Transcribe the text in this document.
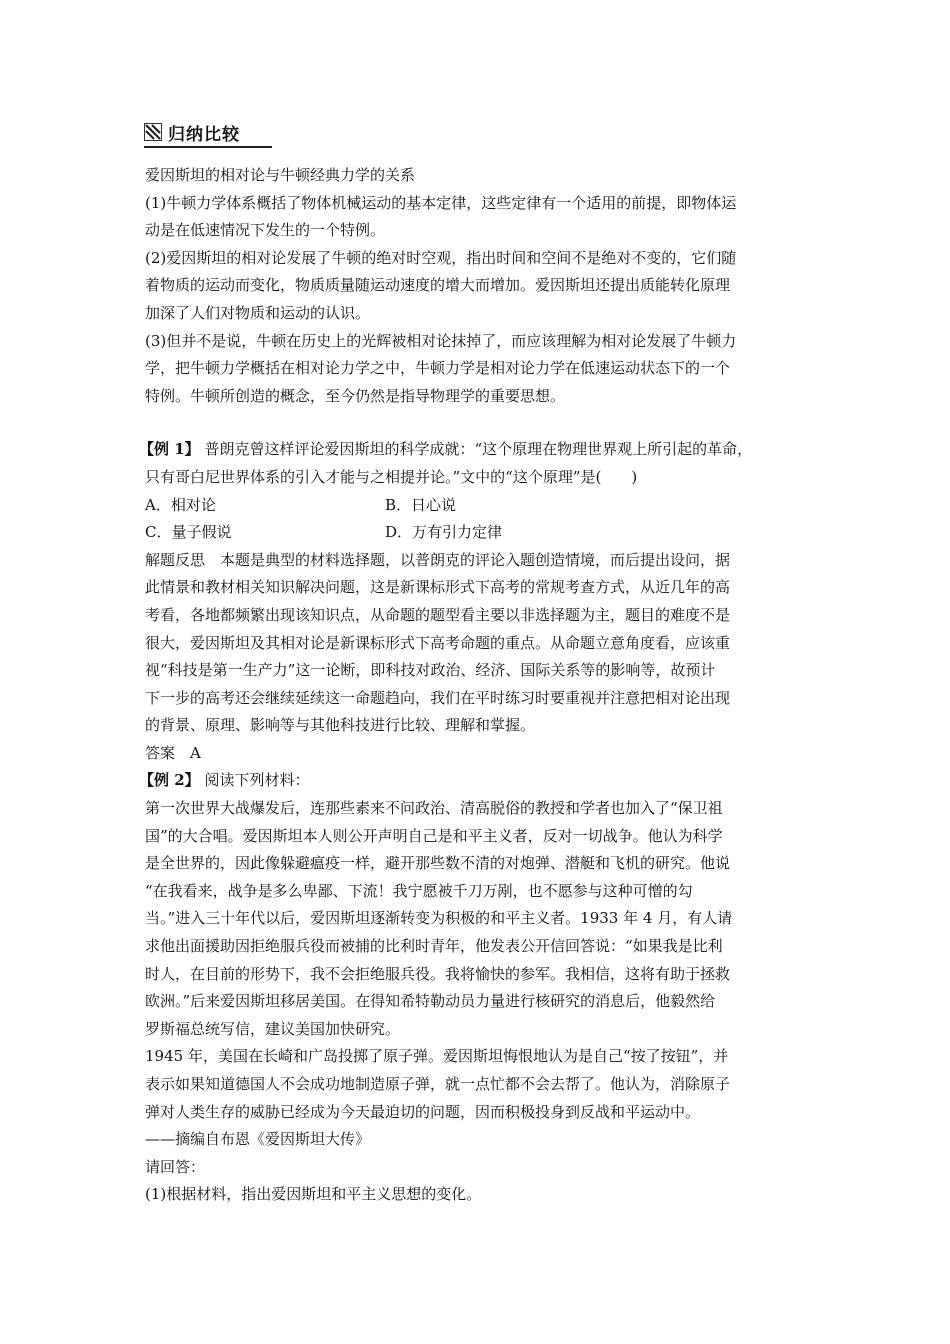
归纳比较

爱因斯坦的相对论与牛顿经典力学的关系

(1)牛顿力学体系概括了物体机械运动的基本定律，这些定律有一个适用的前提，即物体运

动是在低速情况下发生的一个特例。

(2)爱因斯坦的相对论发展了牛顿的绝对时空观，指出时间和空间不是绝对不变的，它们随

着物质的运动而变化，物质质量随运动速度的增大而增加。爱因斯坦还提出质能转化原理

加深了人们对物质和运动的认识。

(3)但并不是说，牛顿在历史上的光辉被相对论抹掉了，而应该理解为相对论发展了牛顿力

学，把牛顿力学概括在相对论力学之中，牛顿力学是相对论力学在低速运动状态下的一个

特例。牛顿所创造的概念，至今仍然是指导物理学的重要思想。

【例 1】 普朗克曾这样评论爱因斯坦的科学成就：“这个原理在物理世界观上所引起的革命，

只有哥白尼世界体系的引入才能与之相提并论。”文中的“这个原理”是(　　)

A．相对论	B．日心说
C．量子假说	D．万有引力定律

解题反思　本题是典型的材料选择题，以普朗克的评论入题创造情境，而后提出设问，据

此情景和教材相关知识解决问题，这是新课标形式下高考的常规考查方式，从近几年的高

考看，各地都频繁出现该知识点，从命题的题型看主要以非选择题为主，题目的难度不是

很大，爱因斯坦及其相对论是新课标形式下高考命题的重点。从命题立意角度看，应该重

视“科技是第一生产力”这一论断，即科技对政治、经济、国际关系等的影响等，故预计

下一步的高考还会继续延续这一命题趋向，我们在平时练习时要重视并注意把相对论出现

的背景、原理、影响等与其他科技进行比较、理解和掌握。

答案　A

【例 2】 阅读下列材料：

第一次世界大战爆发后，连那些素来不问政治、清高脱俗的教授和学者也加入了“保卫祖

国”的大合唱。爱因斯坦本人则公开声明自己是和平主义者，反对一切战争。他认为科学

是全世界的，因此像躲避瘟疫一样，避开那些数不清的对炮弹、潜艇和飞机的研究。他说

“在我看来，战争是多么卑鄙、下流！我宁愿被千刀万剐，也不愿参与这种可憎的勾

当。”进入三十年代以后，爱因斯坦逐渐转变为积极的和平主义者。1933 年 4 月，有人请

求他出面援助因拒绝服兵役而被捕的比利时青年，他发表公开信回答说：“如果我是比利

时人，在目前的形势下，我不会拒绝服兵役。我将愉快的参军。我相信，这将有助于拯救

欧洲。”后来爱因斯坦移居美国。在得知希特勒动员力量进行核研究的消息后，他毅然给

罗斯福总统写信，建议美国加快研究。

1945 年，美国在长崎和广岛投掷了原子弹。爱因斯坦悔恨地认为是自己“按了按钮”，并

表示如果知道德国人不会成功地制造原子弹，就一点忙都不会去帮了。他认为，消除原子

弹对人类生存的威胁已经成为今天最迫切的问题，因而积极投身到反战和平运动中。

——摘编自布恩《爱因斯坦大传》

请回答：

(1)根据材料，指出爱因斯坦和平主义思想的变化。
